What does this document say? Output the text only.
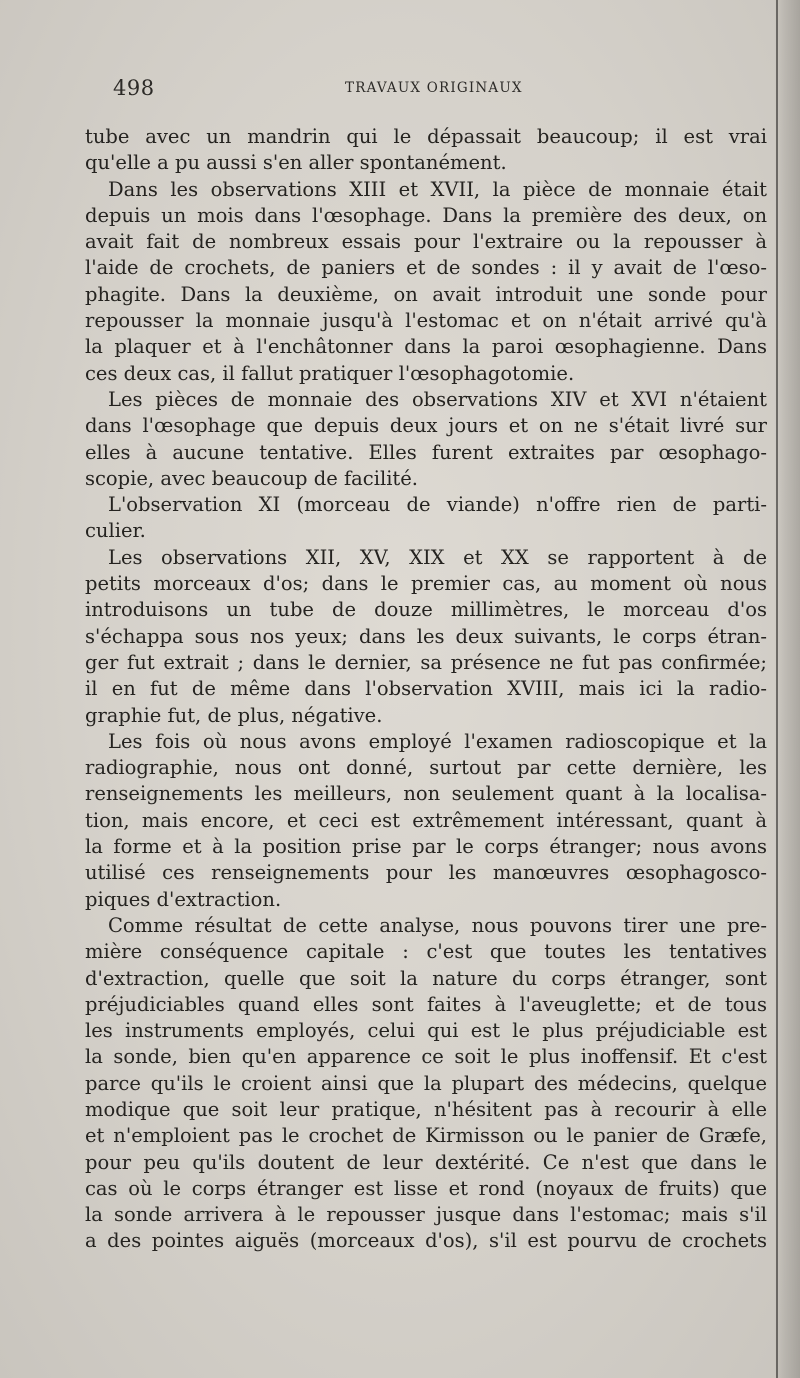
498	TRAVAUX ORIGINAUX
tube avec un mandrin qui le dépassait beaucoup; il est vrai
qu'elle a pu aussi s'en aller spontanément.
Dans les observations XIII et XVII, la pièce de monnaie était
depuis un mois dans l'œsophage. Dans la première des deux, on
avait fait de nombreux essais pour l'extraire ou la repousser à
l'aide de crochets, de paniers et de sondes : il y avait de l'œso-
phagite. Dans la deuxième, on avait introduit une sonde pour
repousser la monnaie jusqu'à l'estomac et on n'était arrivé qu'à
la plaquer et à l'enchâtonner dans la paroi œsophagienne. Dans
ces deux cas, il fallut pratiquer l'œsophagotomie.
Les pièces de monnaie des observations XIV et XVI n'étaient
dans l'œsophage que depuis deux jours et on ne s'était livré sur
elles à aucune tentative. Elles furent extraites par œsophago-
scopie, avec beaucoup de facilité.
L'observation XI (morceau de viande) n'offre rien de parti-
culier.
Les observations XII, XV, XIX et XX se rapportent à de
petits morceaux d'os; dans le premier cas, au moment où nous
introduisons un tube de douze millimètres, le morceau d'os
s'échappa sous nos yeux; dans les deux suivants, le corps étran-
ger fut extrait ; dans le dernier, sa présence ne fut pas confirmée;
il en fut de même dans l'observation XVIII, mais ici la radio-
graphie fut, de plus, négative.
Les fois où nous avons employé l'examen radioscopique et la
radiographie, nous ont donné, surtout par cette dernière, les
renseignements les meilleurs, non seulement quant à la localisa-
tion, mais encore, et ceci est extrêmement intéressant, quant à
la forme et à la position prise par le corps étranger; nous avons
utilisé ces renseignements pour les manœuvres œsophagosco-
piques d'extraction.
Comme résultat de cette analyse, nous pouvons tirer une pre-
mière conséquence capitale : c'est que toutes les tentatives
d'extraction, quelle que soit la nature du corps étranger, sont
préjudiciables quand elles sont faites à l'aveuglette; et de tous
les instruments employés, celui qui est le plus préjudiciable est
la sonde, bien qu'en apparence ce soit le plus inoffensif. Et c'est
parce qu'ils le croient ainsi que la plupart des médecins, quelque
modique que soit leur pratique, n'hésitent pas à recourir à elle
et n'emploient pas le crochet de Kirmisson ou le panier de Græfe,
pour peu qu'ils doutent de leur dextérité. Ce n'est que dans le
cas où le corps étranger est lisse et rond (noyaux de fruits) que
la sonde arrivera à le repousser jusque dans l'estomac; mais s'il
a des pointes aiguës (morceaux d'os), s'il est pourvu de crochets
